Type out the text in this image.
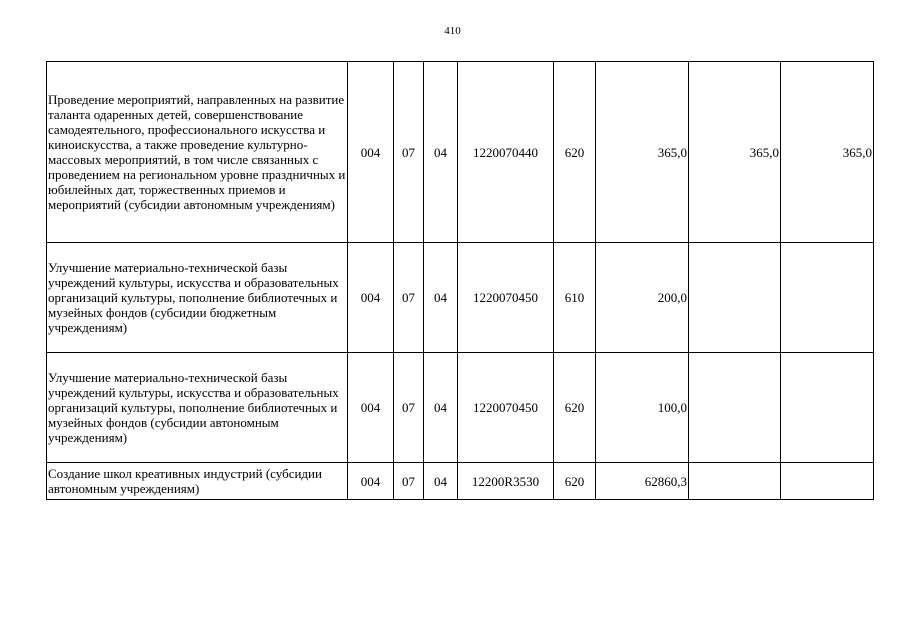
410
Проведение мероприятий, направленных на развитие таланта одаренных детей, совершенствование самодеятельного, профессионального искусства и киноискусства, а также проведение культурно-массовых мероприятий, в том числе связанных с проведением на региональном уровне праздничных и юбилейных дат, торжественных приемов и мероприятий (субсидии автономным учреждениям)	004	07	04	1220070440	620	365,0	365,0	365,0
Улучшение материально-технической базы учреждений культуры, искусства и образовательных организаций культуры, пополнение библиотечных и музейных фондов (субсидии бюджетным учреждениям)	004	07	04	1220070450	610	200,0		
Улучшение материально-технической базы учреждений культуры, искусства и образовательных организаций культуры, пополнение библиотечных и музейных фондов (субсидии автономным учреждениям)	004	07	04	1220070450	620	100,0		
Создание школ креативных индустрий (субсидии автономным учреждениям)	004	07	04	12200R3530	620	62860,3		
